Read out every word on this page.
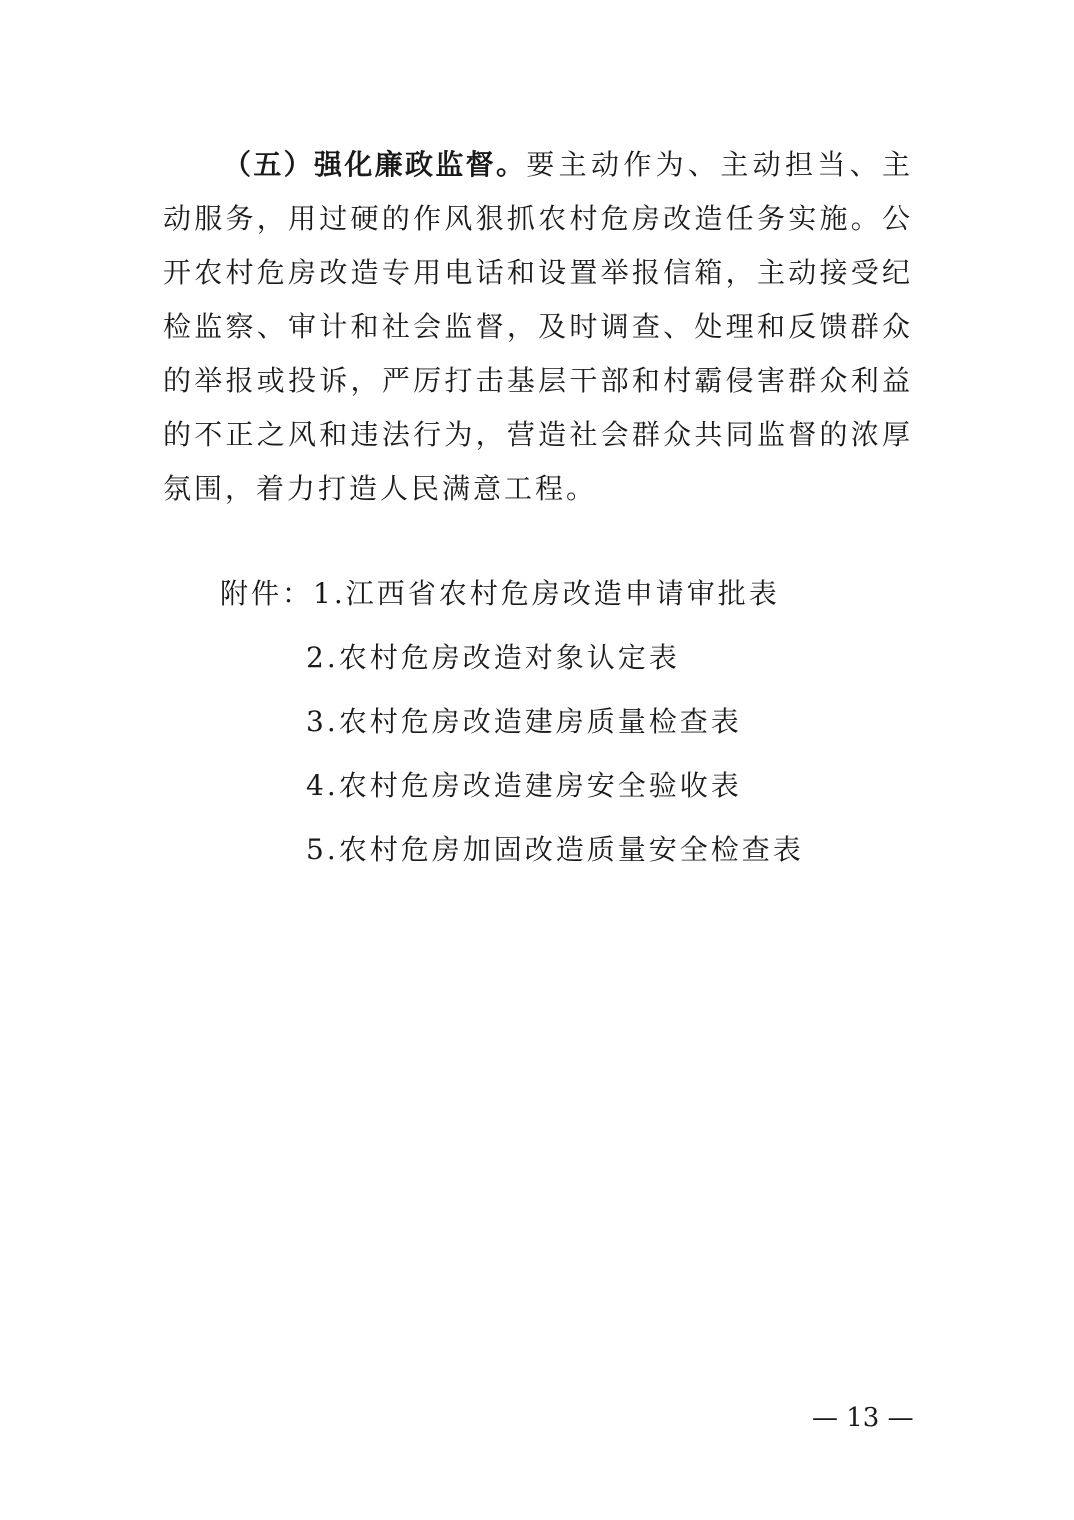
（五）强化廉政监督。要主动作为、主动担当、主动服务，用过硬的作风狠抓农村危房改造任务实施。公开农村危房改造专用电话和设置举报信箱，主动接受纪检监察、审计和社会监督，及时调查、处理和反馈群众的举报或投诉，严厉打击基层干部和村霸侵害群众利益的不正之风和违法行为，营造社会群众共同监督的浓厚氛围，着力打造人民满意工程。

附件：1.江西省农村危房改造申请审批表
2.农村危房改造对象认定表
3.农村危房改造建房质量检查表
4.农村危房改造建房安全验收表
5.农村危房加固改造质量安全检查表
— 13 —
